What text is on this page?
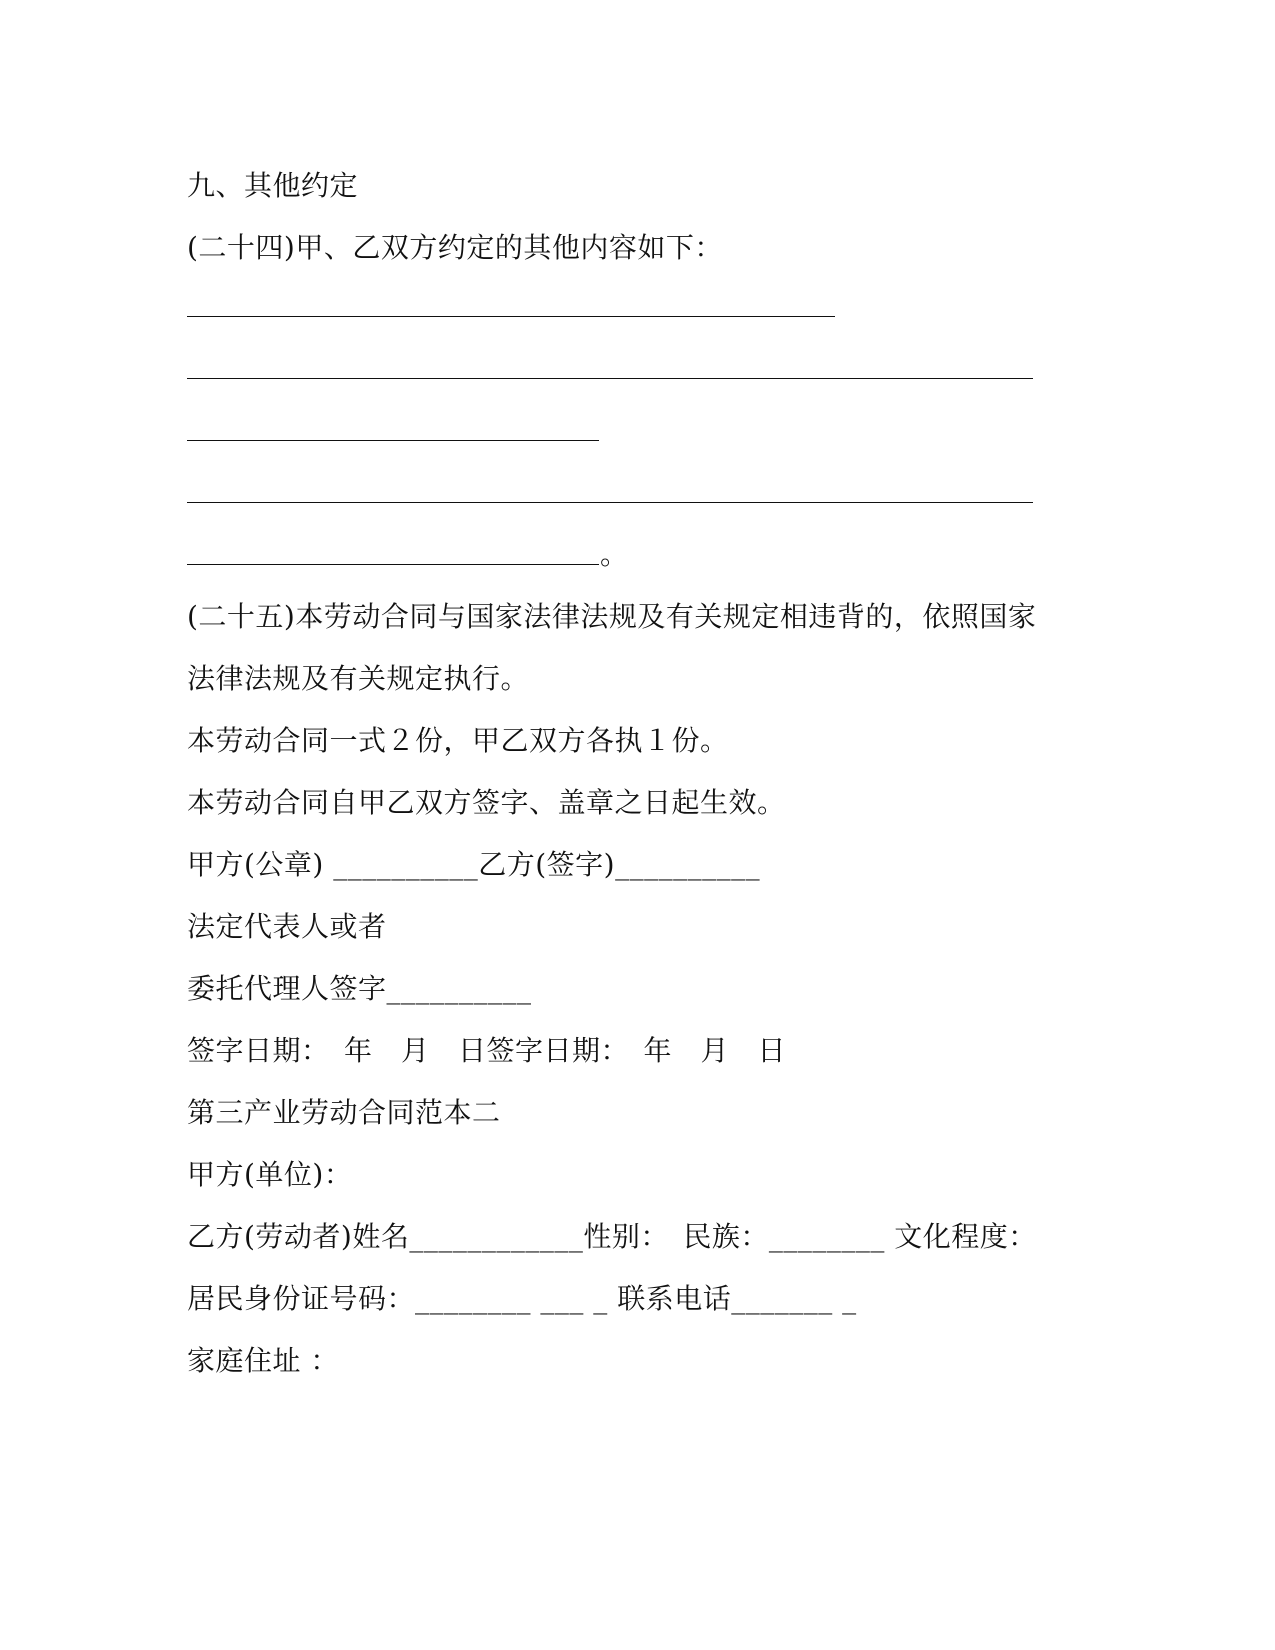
九、其他约定
(二十四)甲、乙双方约定的其他内容如下：
。
(二十五)本劳动合同与国家法律法规及有关规定相违背的，依照国家
法律法规及有关规定执行。
本劳动合同一式２份，甲乙双方各执１份。
本劳动合同自甲乙双方签字、盖章之日起生效。
甲方(公章) __________乙方(签字)__________
法定代表人或者
委托代理人签字__________
签字日期：　年　月　日签字日期：　年　月　日
第三产业劳动合同范本二
甲方(单位)：
乙方(劳动者)姓名____________性别：　民族：________ 文化程度：
居民身份证号码：________ ___ _ 联系电话_______ _
家庭住址 ：
